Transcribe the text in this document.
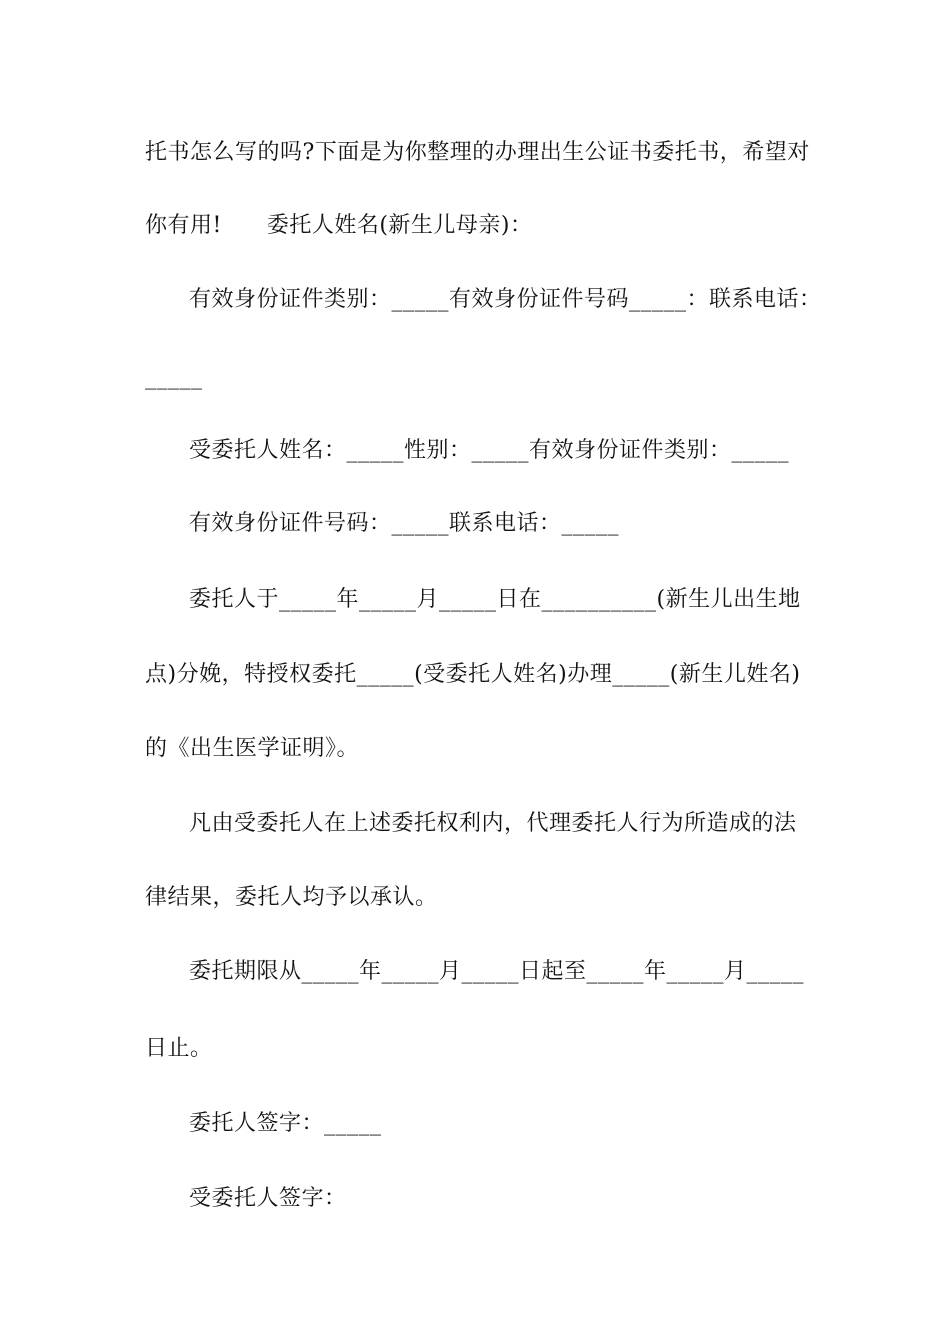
托书怎么写的吗?下面是为你整理的办理出生公证书委托书，希望对
你有用!　　委托人姓名(新生儿母亲)：
有效身份证件类别：_____有效身份证件号码_____：联系电话：
_____
受委托人姓名：_____性别：_____有效身份证件类别：_____
有效身份证件号码：_____联系电话：_____
委托人于_____年_____月_____日在__________(新生儿出生地
点)分娩，特授权委托_____(受委托人姓名)办理_____(新生儿姓名)
的《出生医学证明》。
凡由受委托人在上述委托权利内，代理委托人行为所造成的法
律结果，委托人均予以承认。
委托期限从_____年_____月_____日起至_____年_____月_____
日止。
委托人签字：_____
受委托人签字：
